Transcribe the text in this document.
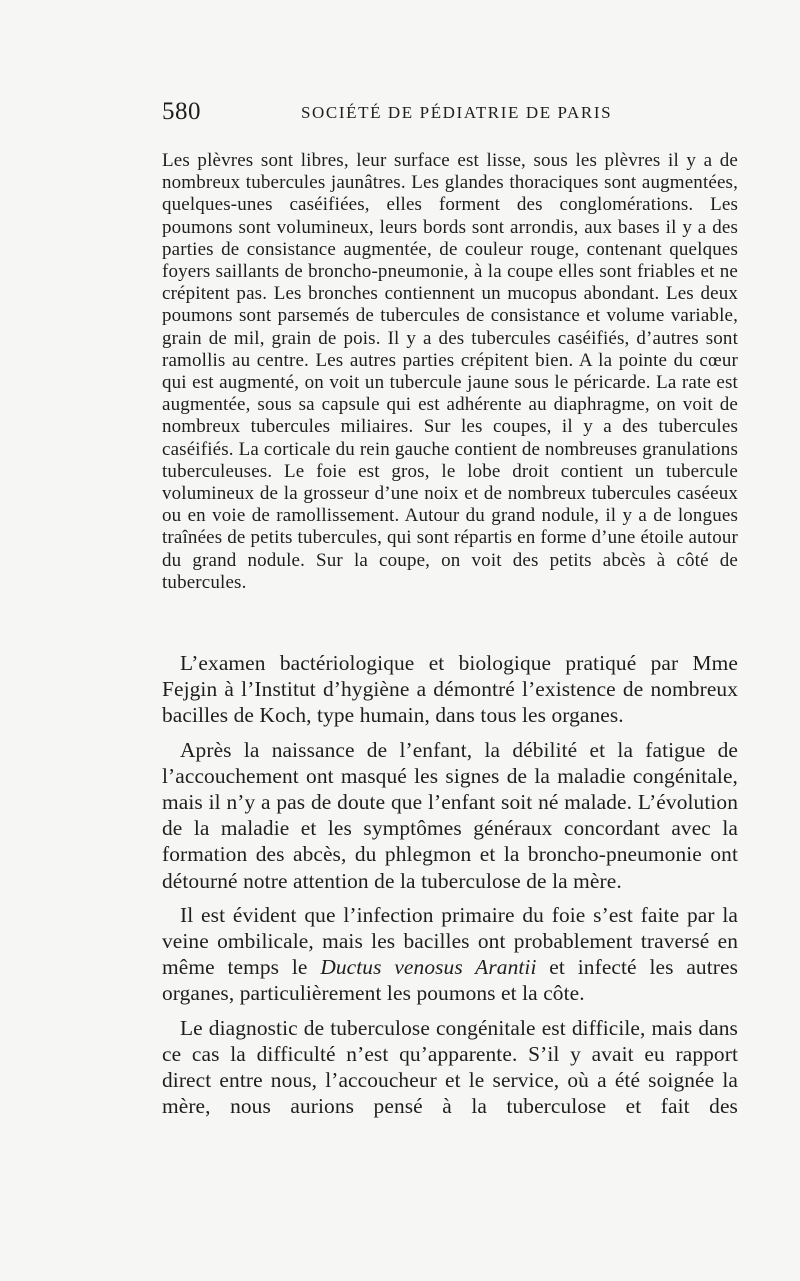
580	SOCIÉTÉ DE PÉDIATRIE DE PARIS
Les plèvres sont libres, leur surface est lisse, sous les plèvres il y a de nombreux tubercules jaunâtres. Les glandes thoraciques sont augmentées, quelques-unes caséifiées, elles forment des conglomérations. Les poumons sont volumineux, leurs bords sont arrondis, aux bases il y a des parties de consistance augmentée, de couleur rouge, contenant quelques foyers saillants de broncho-pneumonie, à la coupe elles sont friables et ne crépitent pas. Les bronches contiennent un mucopus abondant. Les deux poumons sont parsemés de tubercules de consistance et volume variable, grain de mil, grain de pois. Il y a des tubercules caséifiés, d’autres sont ramollis au centre. Les autres parties crépitent bien. A la pointe du cœur qui est augmenté, on voit un tubercule jaune sous le péricarde. La rate est augmentée, sous sa capsule qui est adhérente au diaphragme, on voit de nombreux tubercules miliaires. Sur les coupes, il y a des tubercules caséifiés. La corticale du rein gauche contient de nombreuses granulations tuberculeuses. Le foie est gros, le lobe droit contient un tubercule volumineux de la grosseur d’une noix et de nombreux tubercules caséeux ou en voie de ramollissement. Autour du grand nodule, il y a de longues traînées de petits tubercules, qui sont répartis en forme d’une étoile autour du grand nodule. Sur la coupe, on voit des petits abcès à côté de tubercules.

L’examen bactériologique et biologique pratiqué par Mme Fejgin à l’Institut d’hygiène a démontré l’existence de nombreux bacilles de Koch, type humain, dans tous les organes.

Après la naissance de l’enfant, la débilité et la fatigue de l’accouchement ont masqué les signes de la maladie congénitale, mais il n’y a pas de doute que l’enfant soit né malade. L’évolution de la maladie et les symptômes généraux concordant avec la formation des abcès, du phlegmon et la broncho-pneumonie ont détourné notre attention de la tuberculose de la mère.

Il est évident que l’infection primaire du foie s’est faite par la veine ombilicale, mais les bacilles ont probablement traversé en même temps le Ductus venosus Arantii et infecté les autres organes, particulièrement les poumons et la côte.

Le diagnostic de tuberculose congénitale est difficile, mais dans ce cas la difficulté n’est qu’apparente. S’il y avait eu rapport direct entre nous, l’accoucheur et le service, où a été soignée la mère, nous aurions pensé à la tuberculose et fait des
